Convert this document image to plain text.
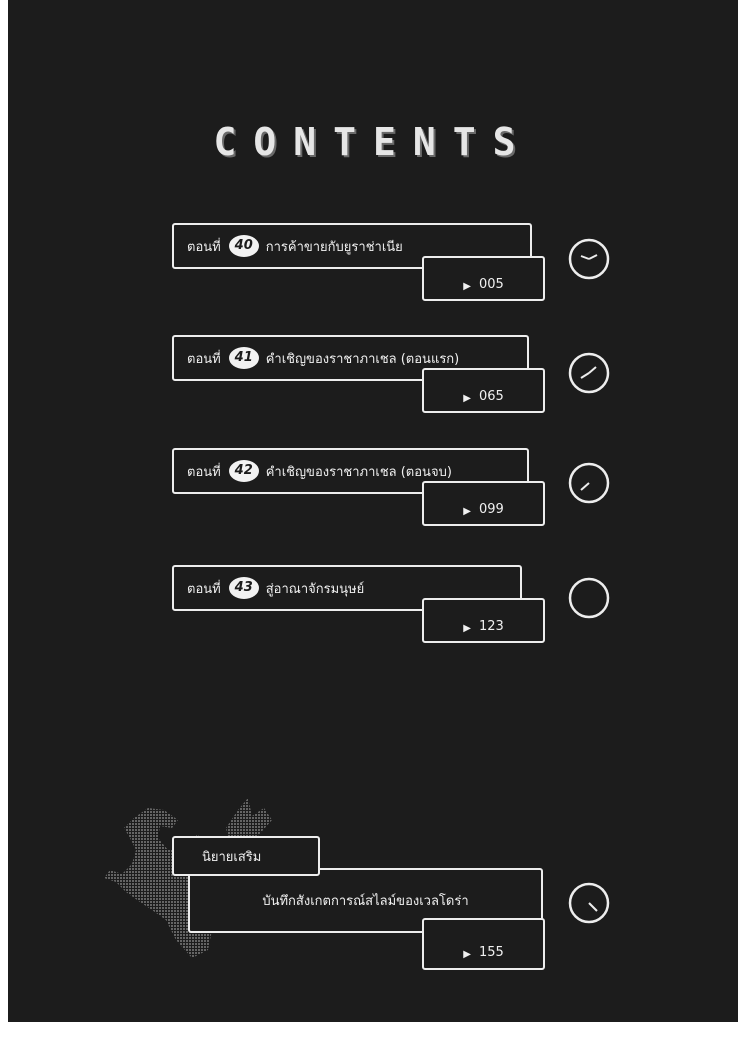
CONTENTS
ตอนที่	40 การค้าขายกับยูราช่าเนีย
▶ 005
ตอนที่	41 คำเชิญของราชาภาเชล (ตอนแรก)
▶ 065
ตอนที่	42 คำเชิญของราชาภาเชล (ตอนจบ)
▶ 099
ตอนที่	43 สู่อาณาจักรมนุษย์
▶ 123
นิยายเสริม
บันทึกสังเกตการณ์สไลม์ของเวลโดร่า
▶ 155
